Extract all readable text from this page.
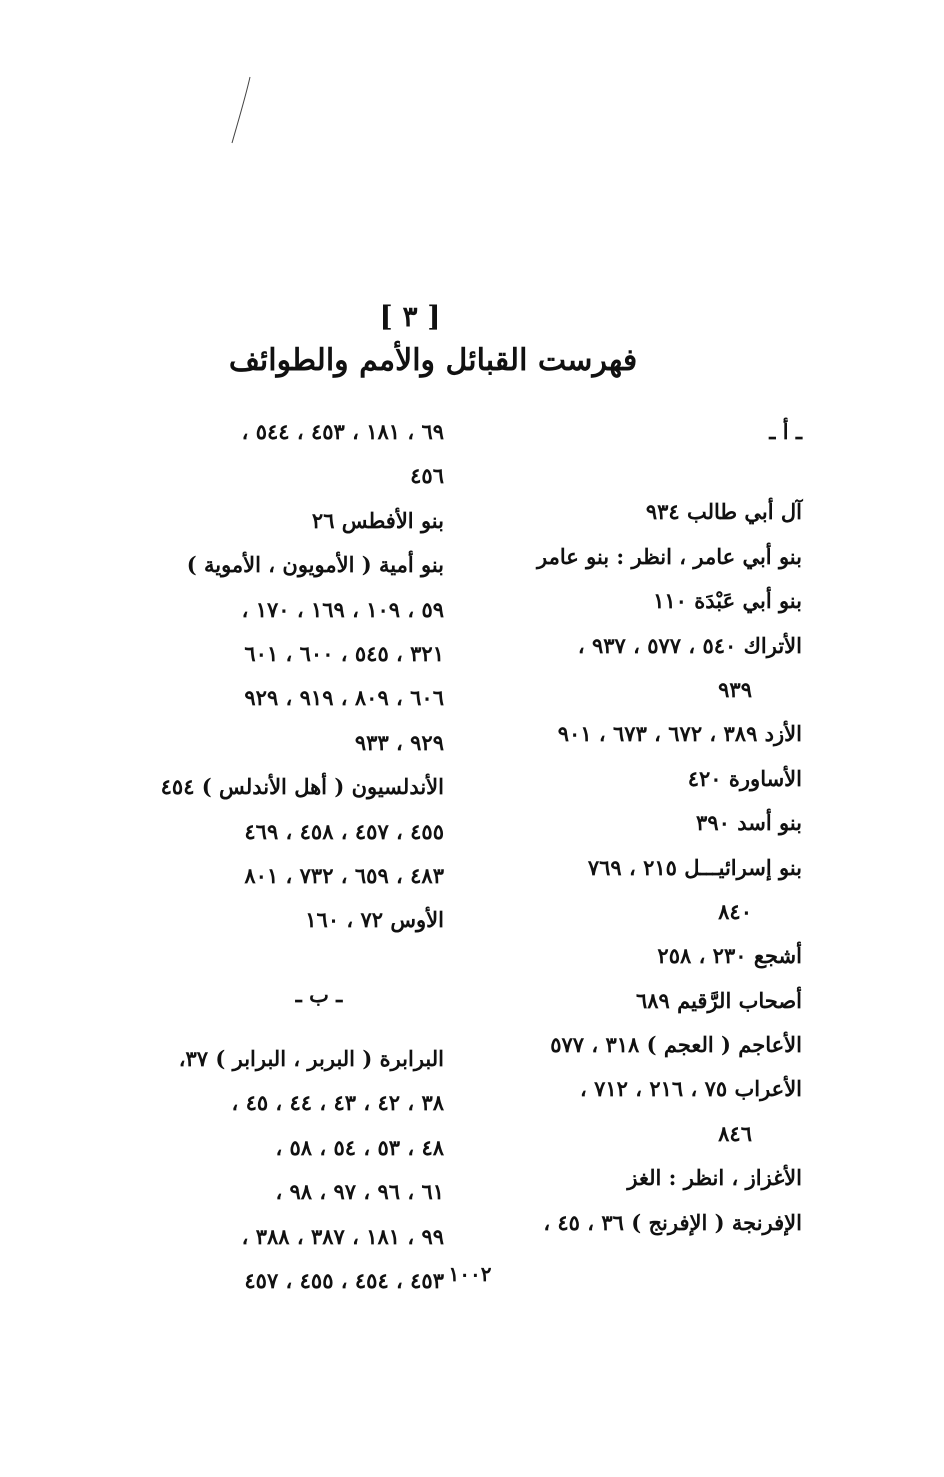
[ ٣ ]
فهرست القبائل والأمم والطوائف
ـ أ ـ
آل أبي طالب ٩٣٤
بنو أبي عامر ، انظر : بنو عامر
بنو أبي عَبْدَة ١١٠
الأتراك ٥٤٠ ، ٥٧٧ ، ٩٣٧ ،
٩٣٩
الأزد ٣٨٩ ، ٦٧٢ ، ٦٧٣ ، ٩٠١
الأساورة ٤٢٠
بنو أسد ٣٩٠
بنو إسرائيـــل ٢١٥ ، ٧٦٩
٨٤٠
أشجع ٢٣٠ ، ٢٥٨
أصحاب الرَّقيم ٦٨٩
الأعاجم ( العجم ) ٣١٨ ، ٥٧٧
الأعراب ٧٥ ، ٢١٦ ، ٧١٢ ،
٨٤٦
الأغزاز ، انظر : الغز
الإفرنجة ( الإفرنج ) ٣٦ ، ٤٥ ،
٦٩ ، ١٨١ ، ٤٥٣ ، ٥٤٤ ،
٤٥٦
بنو الأفطس ٢٦
بنو أمية ( الأمويون ، الأموية )
٥٩ ، ١٠٩ ، ١٦٩ ، ١٧٠ ،
٣٢١ ، ٥٤٥ ، ٦٠٠ ، ٦٠١
٦٠٦ ، ٨٠٩ ، ٩١٩ ، ٩٢٩
٩٢٩ ، ٩٣٣
الأندلسيون ( أهل الأندلس ) ٤٥٤
٤٥٥ ، ٤٥٧ ، ٤٥٨ ، ٤٦٩
٤٨٣ ، ٦٥٩ ، ٧٣٢ ، ٨٠١
الأوس ٧٢ ، ١٦٠
ـ ب ـ
البرابرة ( البربر ، البرابر ) ٣٧،
٣٨ ، ٤٢ ، ٤٣ ، ٤٤ ، ٤٥ ،
٤٨ ، ٥٣ ، ٥٤ ، ٥٨ ،
٦١ ، ٩٦ ، ٩٧ ، ٩٨ ،
٩٩ ، ١٨١ ، ٣٨٧ ، ٣٨٨ ،
٤٥٣ ، ٤٥٤ ، ٤٥٥ ، ٤٥٧ ١٠٠٢
